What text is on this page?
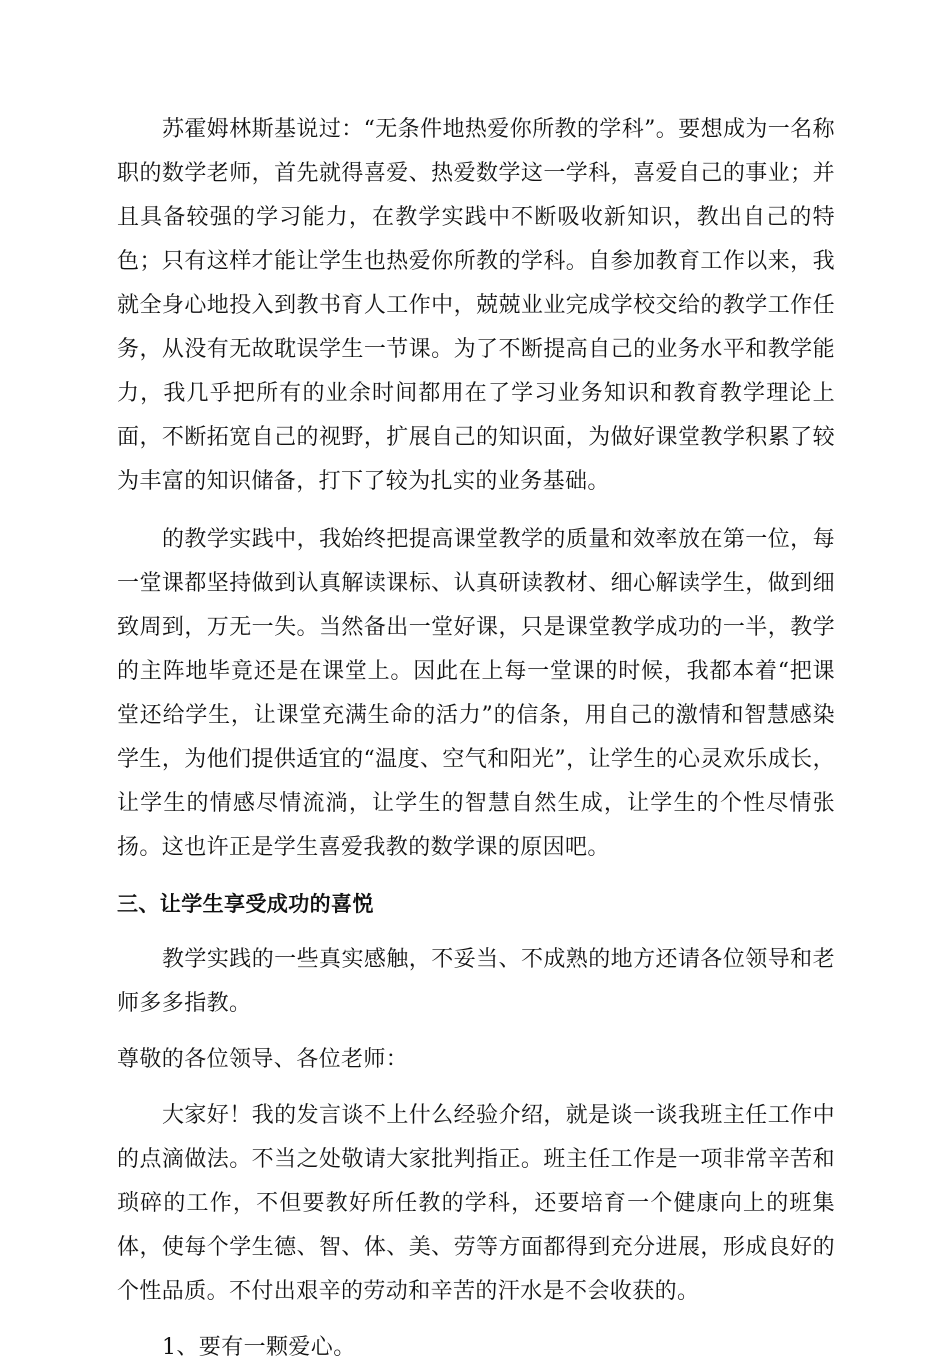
苏霍姆林斯基说过：“无条件地热爱你所教的学科”。要想成为一名称职的数学老师，首先就得喜爱、热爱数学这一学科，喜爱自己的事业；并且具备较强的学习能力，在教学实践中不断吸收新知识，教出自己的特色；只有这样才能让学生也热爱你所教的学科。自参加教育工作以来，我就全身心地投入到教书育人工作中，兢兢业业完成学校交给的教学工作任务，从没有无故耽误学生一节课。为了不断提高自己的业务水平和教学能力，我几乎把所有的业余时间都用在了学习业务知识和教育教学理论上面，不断拓宽自己的视野，扩展自己的知识面，为做好课堂教学积累了较为丰富的知识储备，打下了较为扎实的业务基础。

的教学实践中，我始终把提高课堂教学的质量和效率放在第一位，每一堂课都坚持做到认真解读课标、认真研读教材、细心解读学生，做到细致周到，万无一失。当然备出一堂好课，只是课堂教学成功的一半，教学的主阵地毕竟还是在课堂上。因此在上每一堂课的时候，我都本着“把课堂还给学生，让课堂充满生命的活力”的信条，用自己的激情和智慧感染学生，为他们提供适宜的“温度、空气和阳光”，让学生的心灵欢乐成长，让学生的情感尽情流淌，让学生的智慧自然生成，让学生的个性尽情张扬。这也许正是学生喜爱我教的数学课的原因吧。

三、让学生享受成功的喜悦

教学实践的一些真实感触，不妥当、不成熟的地方还请各位领导和老师多多指教。

尊敬的各位领导、各位老师：

大家好！我的发言谈不上什么经验介绍，就是谈一谈我班主任工作中的点滴做法。不当之处敬请大家批判指正。班主任工作是一项非常辛苦和琐碎的工作，不但要教好所任教的学科，还要培育一个健康向上的班集体，使每个学生德、智、体、美、劳等方面都得到充分进展，形成良好的个性品质。不付出艰辛的劳动和辛苦的汗水是不会收获的。

1、要有一颗爱心。
